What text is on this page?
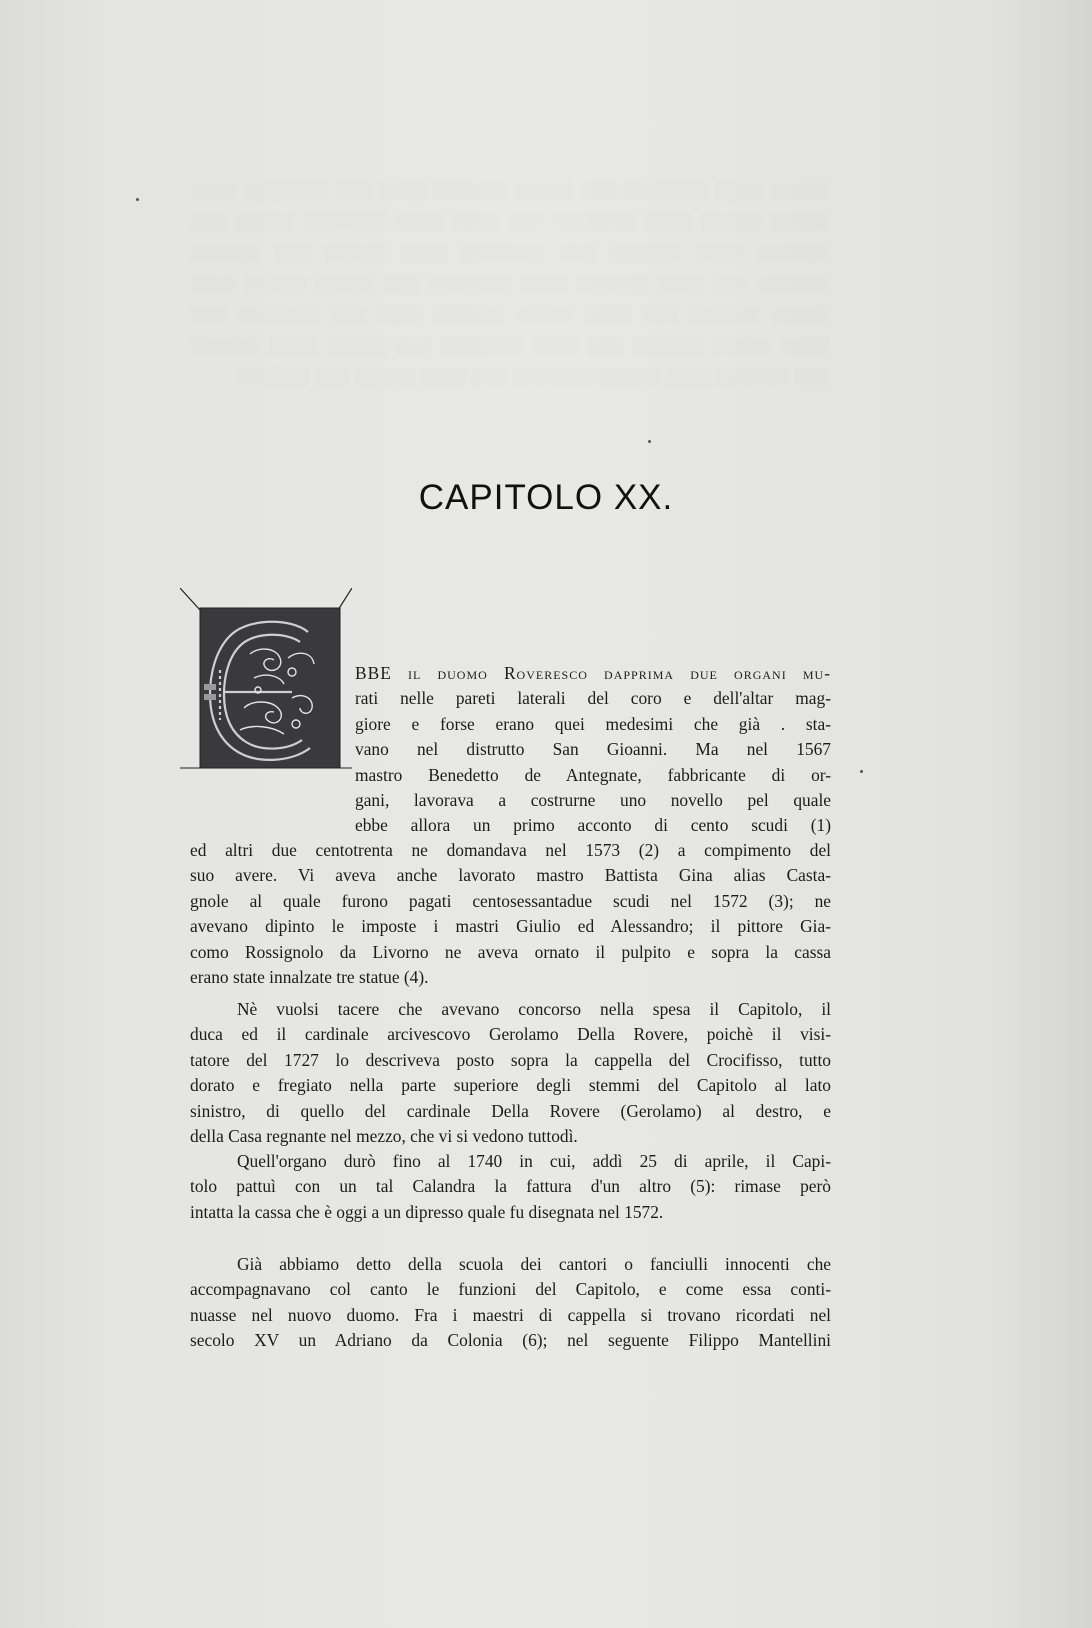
░░░░░ ░░░░ ░░░░░░░ ░░░ ░░░░░ ░░░░░░ ░░░░ ░░░ ░░░░░░░ ░░░░ ░░░░░ ░░░░░ ░░░░ ░░░░░░░ ░░░ ░░░░ ░░░░ ░░░░░░░ ░░░░░ ░░░ ░░░░░░ ░░░░ ░░░░░░ ░░░ ░░░░░░░ ░░░░ ░░░░░ ░░░ ░░░░░░ ░░░░░░ ░░░ ░░░░ ░░░░░░ ░░░░ ░░░░░░░ ░░░ ░░░░░ ░░░░░ ░░░░ ░░░░░ ░░░░░░ ░░░ ░░░░ ░░░░░ ░░░░░░ ░░░░ ░░░ ░░░░░░░ ░░░ ░░░░ ░░░░░ ░░░░░░ ░░░ ░░░░ ░░░░░░░ ░░░ ░░░░░ ░░░░ ░░░░░░ ░░░ ░░░░░░ ░░░░ ░░░░░ ░░░░░░░ ░░░ ░░░░ ░░░░░ ░░░ ░░░░░░
CAPITOLO XX.
BBE il duomo Roveresco dapprima due organi mu-
rati nelle pareti laterali del coro e dell'altar mag-
giore e forse erano quei medesimi che già . sta-
vano nel distrutto San Gioanni. Ma nel 1567
mastro Benedetto de Antegnate, fabbricante di or-
gani, lavorava a costrurne uno novello pel quale
ebbe allora un primo acconto di cento scudi (1)
ed altri due centotrenta ne domandava nel 1573 (2) a compimento del
suo avere. Vi aveva anche lavorato mastro Battista Gina alias Casta-
gnole al quale furono pagati centosessantadue scudi nel 1572 (3); ne
avevano dipinto le imposte i mastri Giulio ed Alessandro; il pittore Gia-
como Rossignolo da Livorno ne aveva ornato il pulpito e sopra la cassa
erano state innalzate tre statue (4).
Nè vuolsi tacere che avevano concorso nella spesa il Capitolo, il
duca ed il cardinale arcivescovo Gerolamo Della Rovere, poichè il visi-
tatore del 1727 lo descriveva posto sopra la cappella del Crocifisso, tutto
dorato e fregiato nella parte superiore degli stemmi del Capitolo al lato
sinistro, di quello del cardinale Della Rovere (Gerolamo) al destro, e
della Casa regnante nel mezzo, che vi si vedono tuttodì.
Quell'organo durò fino al 1740 in cui, addì 25 di aprile, il Capi-
tolo pattuì con un tal Calandra la fattura d'un altro (5): rimase però
intatta la cassa che è oggi a un dipresso quale fu disegnata nel 1572.
Già abbiamo detto della scuola dei cantori o fanciulli innocenti che
accompagnavano col canto le funzioni del Capitolo, e come essa conti-
nuasse nel nuovo duomo. Fra i maestri di cappella si trovano ricordati nel
secolo XV un Adriano da Colonia (6); nel seguente Filippo Mantellini
